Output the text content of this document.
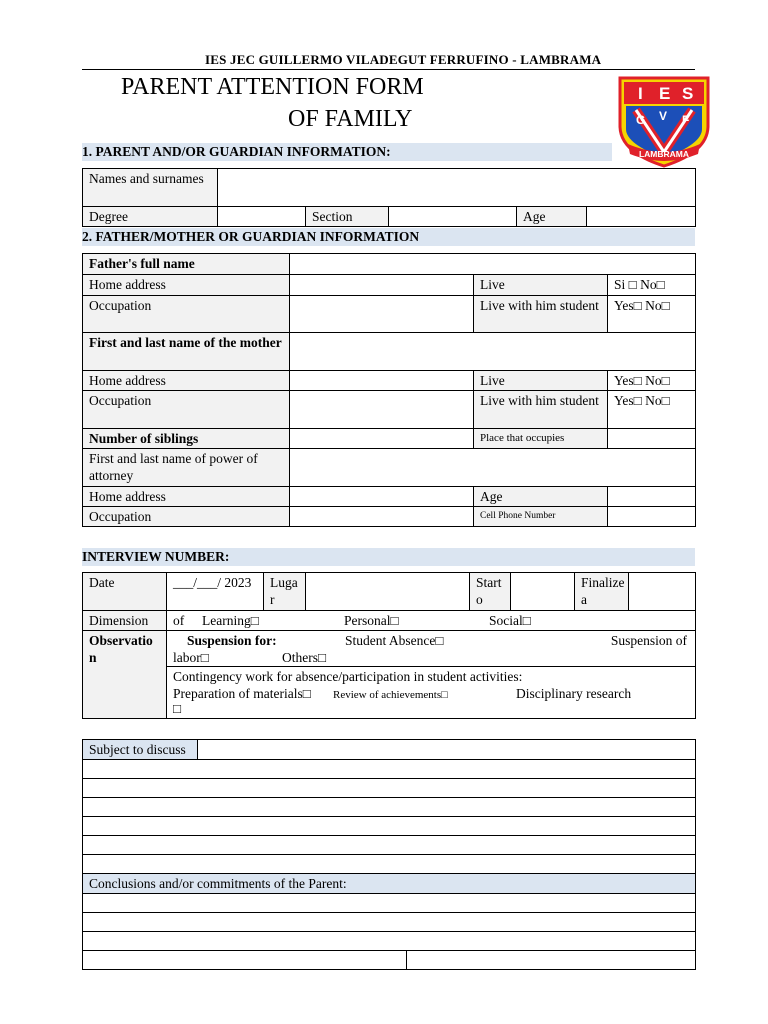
IES JEC GUILLERMO VILADEGUT FERRUFINO - LAMBRAMA
PARENT ATTENTION FORM
OF FAMILY
I E S
G V F
LAMBRAMA
1. PARENT AND/OR GUARDIAN INFORMATION:
Names and surnames					
Degree		Section		Age	
2. FATHER/MOTHER OR GUARDIAN INFORMATION
Father's full name			
Home address		Live	Si □ No□
Occupation		Live with him student	Yes□ No□
First and last name of the mother			
Home address		Live	Yes□ No□
Occupation		Live with him student	Yes□ No□
Number of siblings		Place that occupies	
First and last name of power of attorney			
Home address		Age	
Occupation		Cell Phone Number	
INTERVIEW NUMBER:
Date	___/___/ 2023	Luga r		Start o		Finalize a	
Dimension	of Learning□ Personal□ Social□						

Observatio n	Suspension for: Student Absence□ Suspension of
labor□ Others□						

	Contingency work for absence/participation in student activities:
Preparation of materials□ Review of achievements□ Disciplinary research
□						
Subject to discuss		

Conclusions and/or commitments of the Parent:		
